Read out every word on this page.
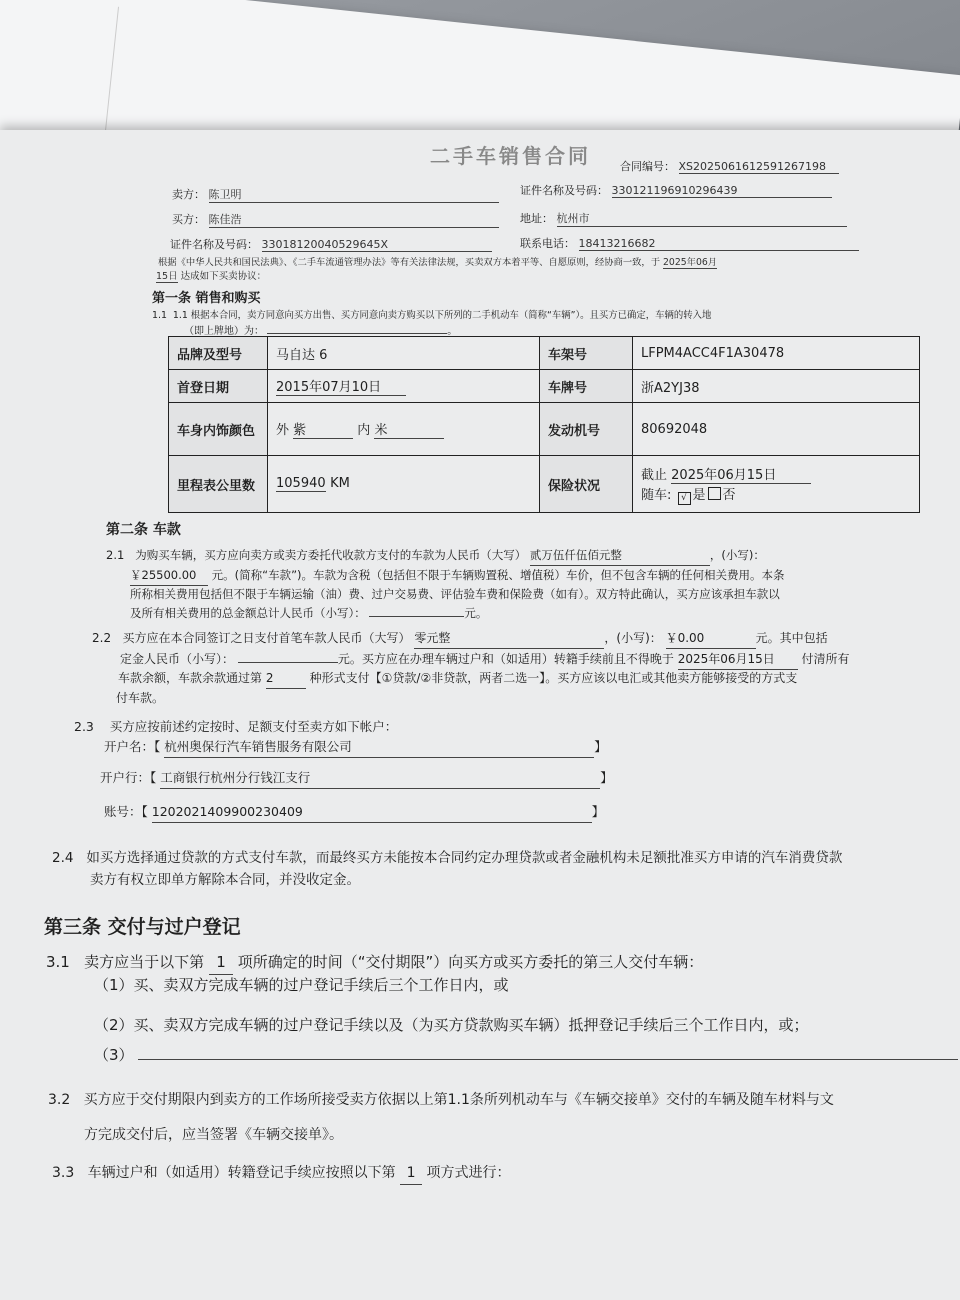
二手车销售合同	合同编号： XS2025061612591267198
卖方： 陈卫明	证件名称及号码： 330121196910296439
买方： 陈佳浩	地址： 杭州市
证件名称及号码： 33018120040529645X	联系电话： 18413216682
根据《中华人民共和国民法典》、《二手车流通管理办法》等有关法律法规，买卖双方本着平等、自愿原则，经协商一致，于 2025年06月
15日 达成如下买卖协议：
第一条 销售和购买
1.1 1.1 根据本合同，卖方同意向买方出售、买方同意向卖方购买以下所列的二手机动车（简称“车辆”）。且买方已确定，车辆的转入地
（即上牌地）为：	。
品牌及型号	马自达 6	车架号	LFPM4ACC4F1A30478
首登日期	2015年07月10日	车牌号	浙A2YJ38
车身内饰颜色	外 紫 内 米	发动机号	80692048
里程表公里数	105940 KM	保险状况	截止 2025年06月15日
随车: √ 是 否
第二条 车款
2.1 为购买车辆，买方应向卖方或卖方委托代收款方支付的车款为人民币（大写） 贰万伍仟伍佰元整	，(小写)：
￥25500.00 元。(简称“车款”)。车款为含税（包括但不限于车辆购置税、增值税）车价，但不包含车辆的任何相关费用。本条
所称相关费用包括但不限于车辆运输（油）费、过户交易费、评估验车费和保险费（如有）。双方特此确认，买方应该承担车款以
及所有相关费用的总金额总计人民币（小写）：	元。
2.2 买方应在本合同签订之日支付首笔车款人民币（大写） 零元整	，(小写)： ￥0.00	元。其中包括
定金人民币（小写）：	元。买方应在办理车辆过户和（如适用）转籍手续前且不得晚于 2025年06月15日 付清所有
车款余额，车款余款通过第 2	种形式支付【①贷款/②非贷款，两者二选一】。买方应该以电汇或其他卖方能够接受的方式支
付车款。
2.3 买方应按前述约定按时、足额支付至卖方如下帐户：
开户名：【 杭州奥保行汽车销售服务有限公司	】
开户行：【 工商银行杭州分行钱江支行	】
账号：【 1202021409900230409	】
2.4 如买方选择通过贷款的方式支付车款，而最终买方未能按本合同约定办理贷款或者金融机构未足额批准买方申请的汽车消费贷款
卖方有权立即单方解除本合同，并没收定金。
第三条 交付与过户登记
3.1 卖方应当于以下第 1 项所确定的时间（“交付期限”）向买方或买方委托的第三人交付车辆：
（1）买、卖双方完成车辆的过户登记手续后三个工作日内，或
（2）买、卖双方完成车辆的过户登记手续以及（为买方贷款购买车辆）抵押登记手续后三个工作日内，或；
（3）
3.2 买方应于交付期限内到卖方的工作场所接受卖方依据以上第1.1条所列机动车与《车辆交接单》交付的车辆及随车材料与文
方完成交付后，应当签署《车辆交接单》。
3.3 车辆过户和（如适用）转籍登记手续应按照以下第 1 项方式进行：
